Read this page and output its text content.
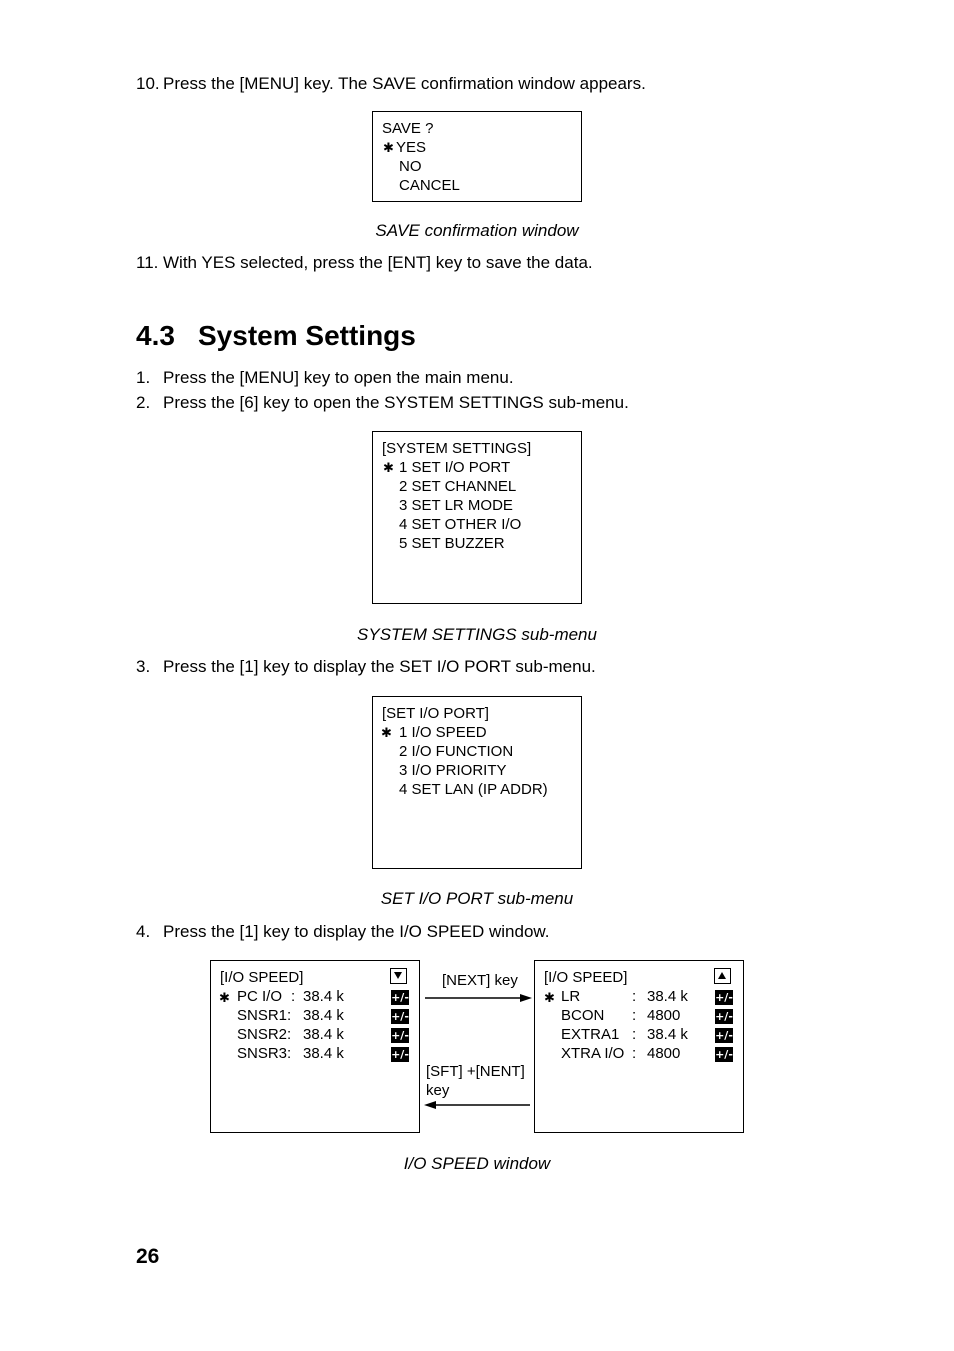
10. Press the [MENU] key. The SAVE confirmation window appears.
SAVE ?
✱ YES
NO
CANCEL
SAVE confirmation window
11. With YES selected, press the [ENT] key to save the data.
4.3 System Settings
1. Press the [MENU] key to open the main menu.
2. Press the [6] key to open the SYSTEM SETTINGS sub-menu.
[SYSTEM SETTINGS]
✱ 1 SET I/O PORT
2 SET CHANNEL
3 SET LR MODE
4 SET OTHER I/O
5 SET BUZZER
SYSTEM SETTINGS sub-menu
3. Press the [1] key to display the SET I/O PORT sub-menu.
[SET I/O PORT]
✱ 1 I/O SPEED
2 I/O FUNCTION
3 I/O PRIORITY
4 SET LAN (IP ADDR)
SET I/O PORT sub-menu
4. Press the [1] key to display the I/O SPEED window.
[I/O SPEED]
✱ PC I/O : 38.4 k	+/-
SNSR1: 38.4 k	+/-
SNSR2: 38.4 k	+/-
SNSR3: 38.4 k	+/-
[NEXT] key
[SFT] +[NENT]
key
[I/O SPEED]
✱ LR	: 38.4 k +/-
BCON : 4800	+/-
EXTRA1 : 38.4 k +/-
XTRA I/O : 4800	+/-
I/O SPEED window
26
